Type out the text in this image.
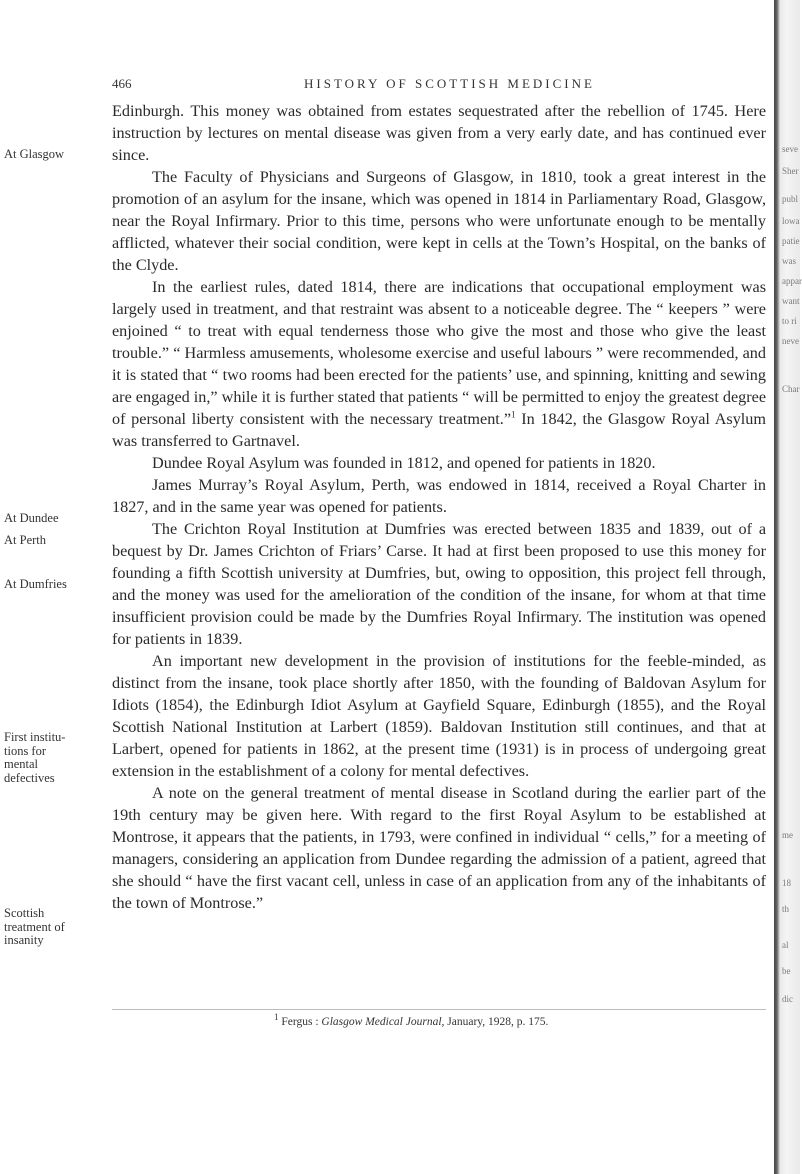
466	HISTORY OF SCOTTISH MEDICINE
At Glasgow
At Dundee
At Perth
At Dumfries
First institu-
tions for
mental
defectives
Scottish
treatment of
insanity

Edinburgh. This money was obtained from estates sequestrated after the rebellion of 1745. Here instruction by lectures on mental disease was given from a very early date, and has continued ever since.

The Faculty of Physicians and Surgeons of Glasgow, in 1810, took a great interest in the promotion of an asylum for the insane, which was opened in 1814 in Parliamentary Road, Glasgow, near the Royal Infirmary. Prior to this time, persons who were unfortunate enough to be mentally afflicted, whatever their social condition, were kept in cells at the Town’s Hospital, on the banks of the Clyde.

In the earliest rules, dated 1814, there are indications that occupational employment was largely used in treatment, and that restraint was absent to a noticeable degree. The “ keepers ” were enjoined “ to treat with equal tenderness those who give the most and those who give the least trouble.” “ Harmless amusements, wholesome exercise and useful labours ” were recommended, and it is stated that “ two rooms had been erected for the patients’ use, and spinning, knitting and sewing are engaged in,” while it is further stated that patients “ will be permitted to enjoy the greatest degree of personal liberty consistent with the necessary treatment.”$^1$ In 1842, the Glasgow Royal Asylum was transferred to Gartnavel.

Dundee Royal Asylum was founded in 1812, and opened for patients in 1820.

James Murray’s Royal Asylum, Perth, was endowed in 1814, received a Royal Charter in 1827, and in the same year was opened for patients.

The Crichton Royal Institution at Dumfries was erected between 1835 and 1839, out of a bequest by Dr. James Crichton of Friars’ Carse. It had at first been proposed to use this money for founding a fifth Scottish university at Dumfries, but, owing to opposition, this project fell through, and the money was used for the amelioration of the condition of the insane, for whom at that time insufficient provision could be made by the Dumfries Royal Infirmary. The institution was opened for patients in 1839.

An important new development in the provision of institutions for the feeble-minded, as distinct from the insane, took place shortly after 1850, with the founding of Baldovan Asylum for Idiots (1854), the Edinburgh Idiot Asylum at Gayfield Square, Edinburgh (1855), and the Royal Scottish National Institution at Larbert (1859). Baldovan Institution still continues, and that at Larbert, opened for patients in 1862, at the present time (1931) is in process of undergoing great extension in the establishment of a colony for mental defectives.

A note on the general treatment of mental disease in Scotland during the earlier part of the 19th century may be given here. With regard to the first Royal Asylum to be established at Montrose, it appears that the patients, in 1793, were confined in individual “ cells,” for a meeting of managers, considering an application from Dundee regarding the admission of a patient, agreed that she should “ have the first vacant cell, unless in case of an application from any of the inhabitants of the town of Montrose.”

$^1$ Fergus : Glasgow Medical Journal, January, 1928, p. 175.
seve
Sher
publ
lowa
patie
was
appar
want
to ri
neve
Char
me
18
th
al
be
dic
